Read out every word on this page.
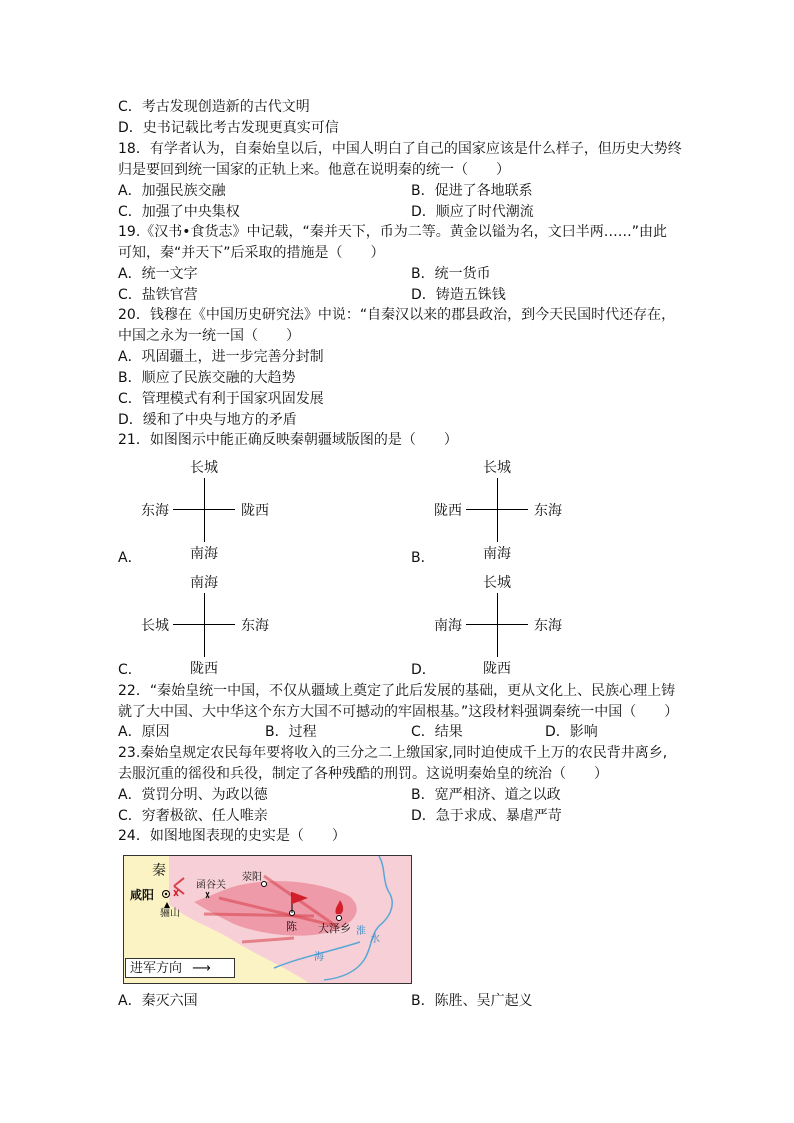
C．考古发现创造新的古代文明
D．史书记载比考古发现更真实可信
18．有学者认为，自秦始皇以后，中国人明白了自己的国家应该是什么样子，但历史大势终
归是要回到统一国家的正轨上来。他意在说明秦的统一（　　）
A．加强民族交融	B．促进了各地联系
C．加强了中央集权	D．顺应了时代潮流
19.《汉书•食货志》中记载，“秦并天下，币为二等。黄金以镒为名，文曰半两……”由此
可知，秦“并天下”后采取的措施是（　　）
A．统一文字	B．统一货币
C．盐铁官营	D．铸造五铢钱
20．钱穆在《中国历史研究法》中说：“自秦汉以来的郡县政治，到今天民国时代还存在，
中国之永为一统一国（　　）
A．巩固疆土，进一步完善分封制
B．顺应了民族交融的大趋势
C．管理模式有利于国家巩固发展
D．缓和了中央与地方的矛盾
21．如图图示中能正确反映秦朝疆域版图的是（　　）
A．
长城
南海
东海	陇西
B．
长城
南海
陇西	东海
C．
南海
陇西
长城	东海
D．
长城
陇西
南海	东海
22．“秦始皇统一中国，不仅从疆域上奠定了此后发展的基础，更从文化上、民族心理上铸
就了大中国、大中华这个东方大国不可撼动的牢固根基。”这段材料强调秦统一中国（　　）
A．原因	B．过程	C．结果	D．影响
23.秦始皇规定农民每年要将收入的三分之二上缴国家,同时迫使成千上万的农民背井离乡,
去服沉重的徭役和兵役，制定了各种残酷的刑罚。这说明秦始皇的统治（　　）
A．赏罚分明、为政以德	B．宽严相济、道之以政
C．穷奢极欲、任人唯亲	D．急于求成、暴虐严苛
24．如图地图表现的史实是（　　）
秦
咸阳
函谷关
骊山
荥阳
陈 大泽乡 淮
水
海
进军方向 ⟶
A．秦灭六国	B．陈胜、吴广起义
